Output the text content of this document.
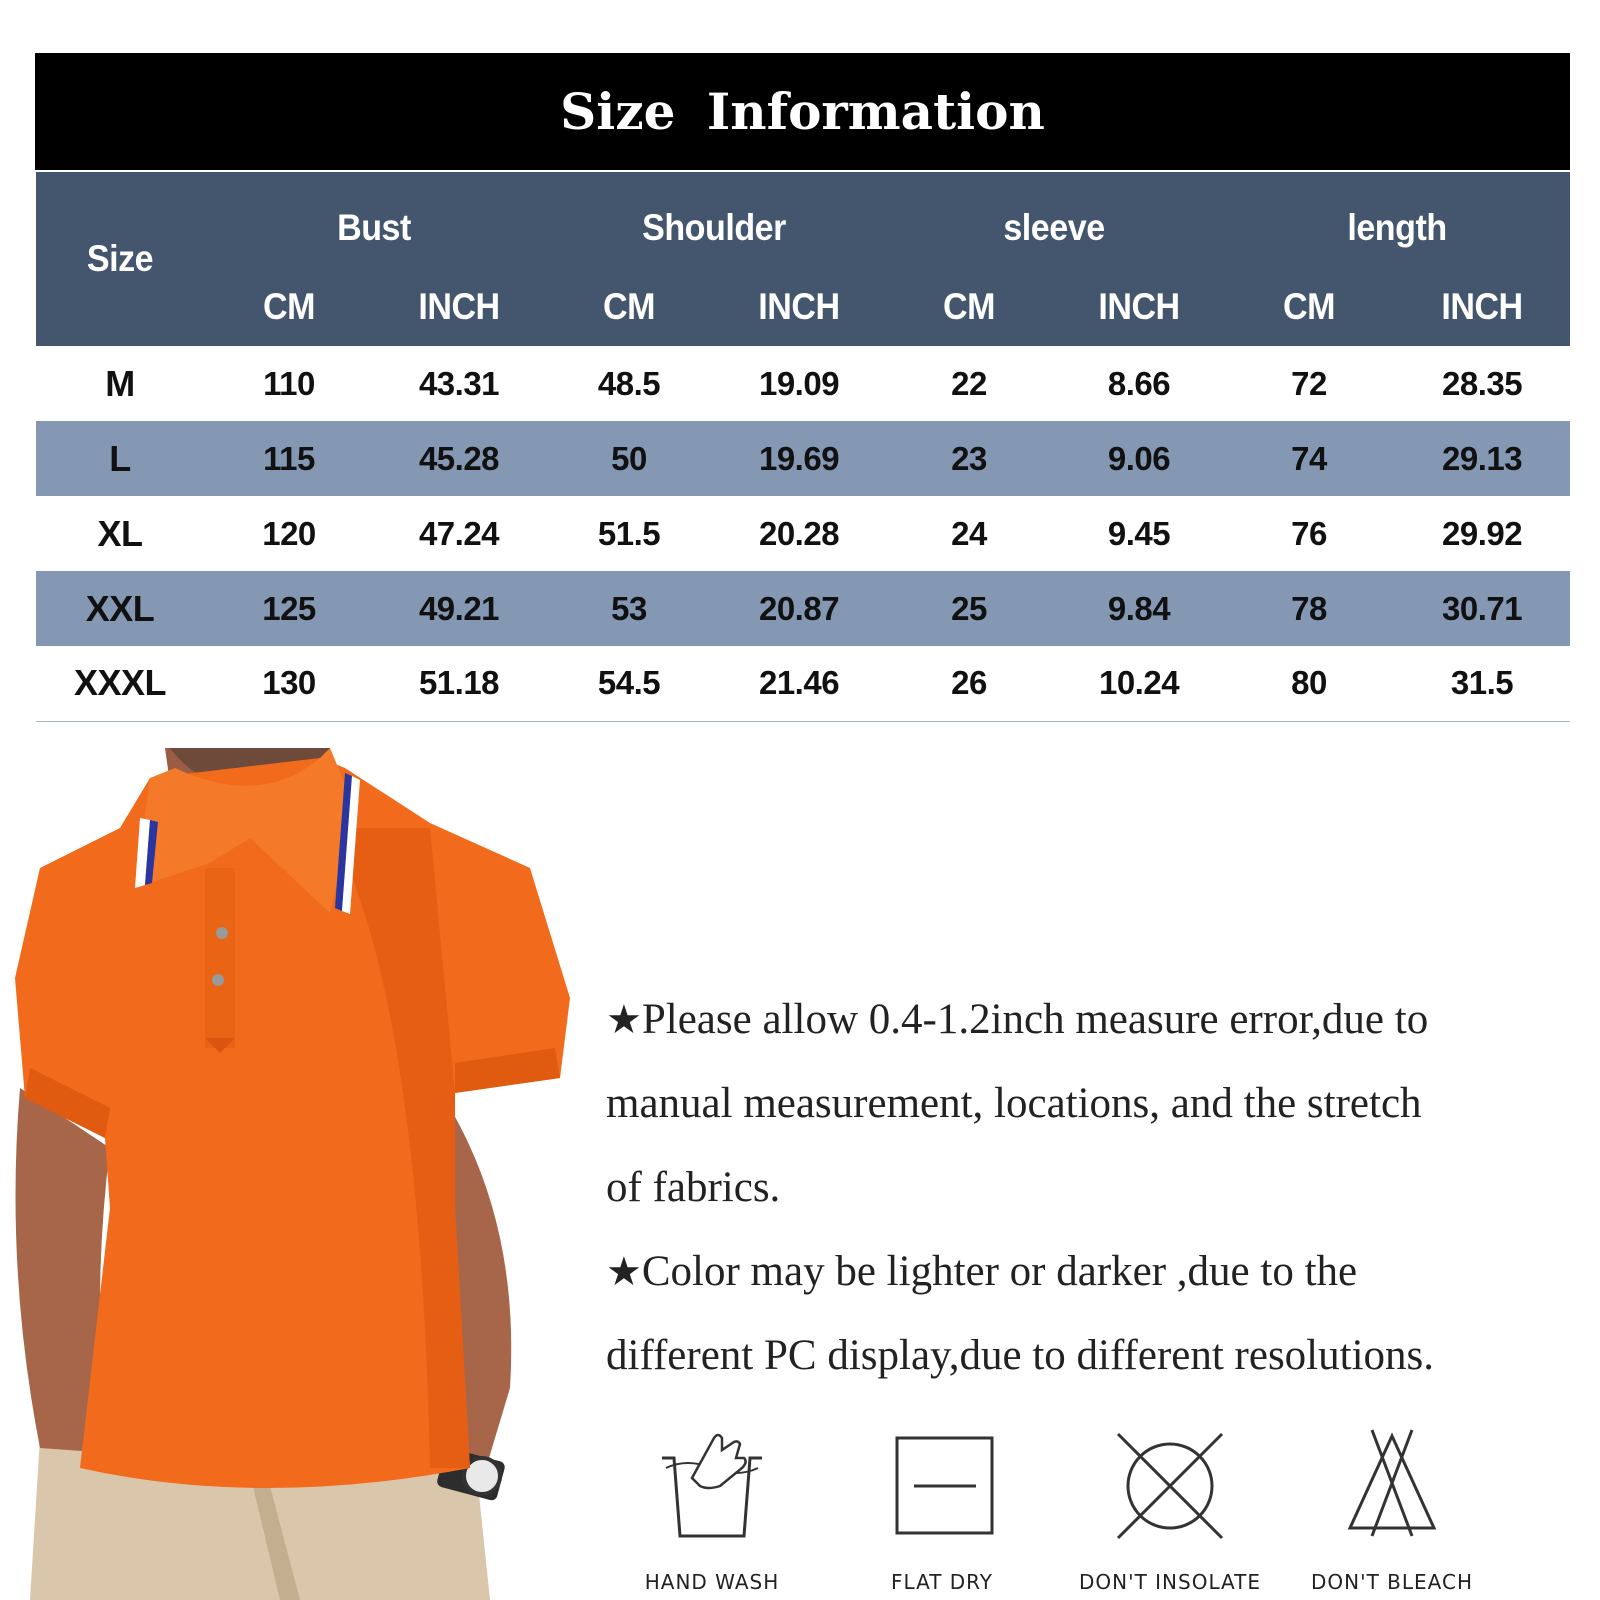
Size Information
Size	Bust		Shoulder		sleeve		length	
	CM	INCH	CM	INCH	CM	INCH	CM	INCH
M	110	43.31	48.5	19.09	22	8.66	72	28.35
L	115	45.28	50	19.69	23	9.06	74	29.13
XL	120	47.24	51.5	20.28	24	9.45	76	29.92
XXL	125	49.21	53	20.87	25	9.84	78	30.71
XXXL	130	51.18	54.5	21.46	26	10.24	80	31.5
★Please allow 0.4-1.2inch measure error,due to
manual measurement, locations, and the stretch
of fabrics.
★Color may be lighter or darker ,due to the
different PC display,due to different resolutions.
HAND WASH	FLAT DRY	DON'T INSOLATE	DON'T BLEACH
